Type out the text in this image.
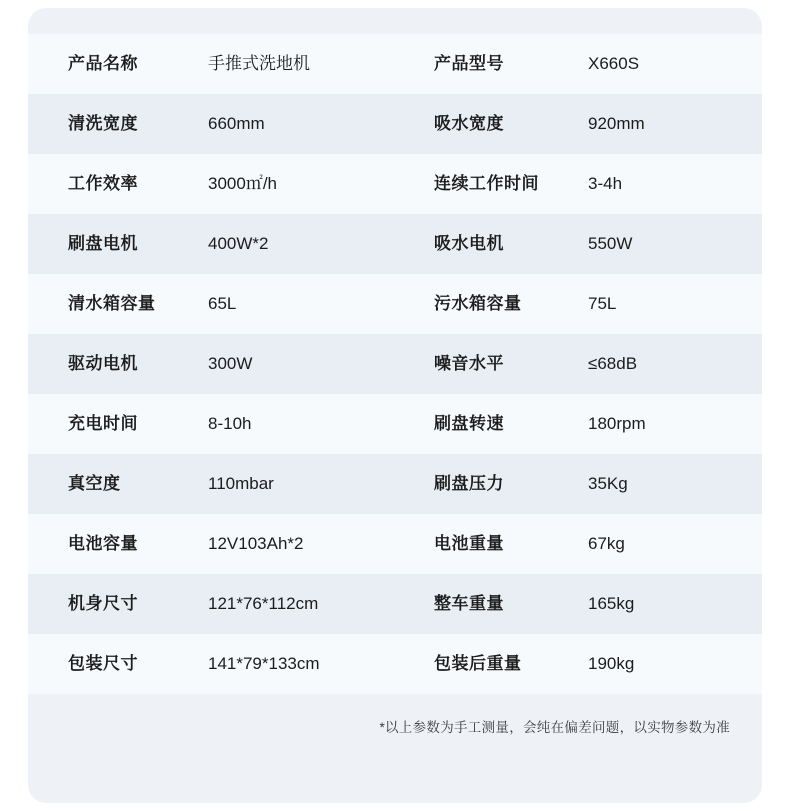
产品名称	手推式洗地机	产品型号	X660S
清洗宽度	660mm	吸水宽度	920mm
工作效率	3000㎡/h	连续工作时间	3-4h
刷盘电机	400W*2	吸水电机	550W
清水箱容量	65L	污水箱容量	75L
驱动电机	300W	噪音水平	≤68dB
充电时间	8-10h	刷盘转速	180rpm
真空度	110mbar	刷盘压力	35Kg
电池容量	12V103Ah*2	电池重量	67kg
机身尺寸	121*76*112cm	整车重量	165kg
包装尺寸	141*79*133cm	包装后重量	190kg
*以上参数为手工测量，会纯在偏差问题，以实物参数为准
